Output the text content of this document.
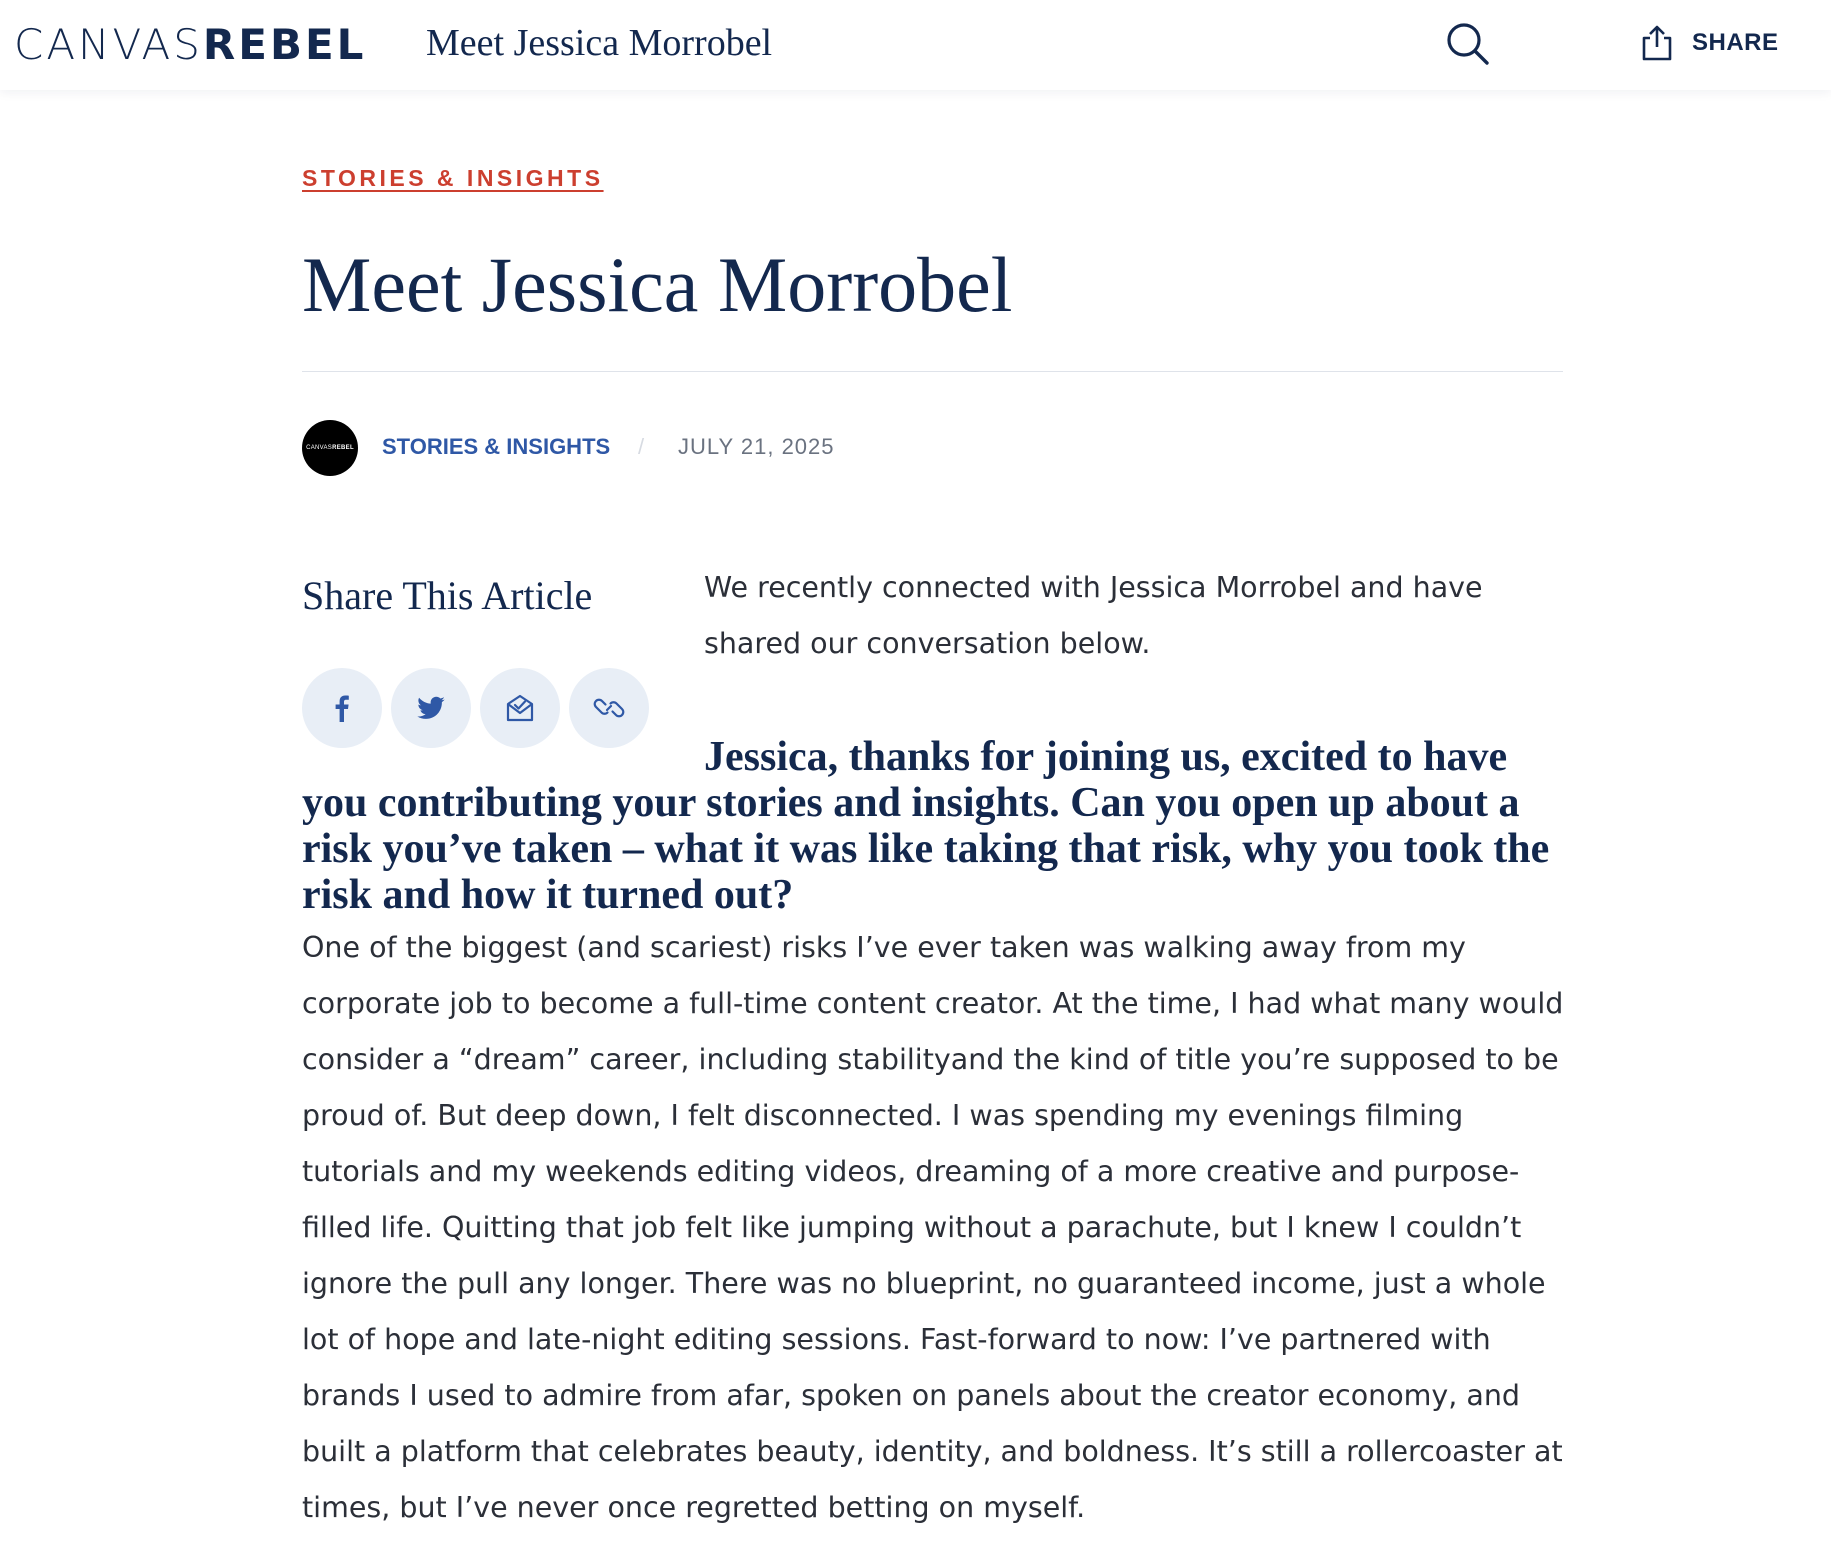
CANVAS REBEL Meet Jessica Morrobel	SHARE
STORIES & INSIGHTS
Meet Jessica Morrobel
CANVAS REBEL STORIES & INSIGHTS / JULY 21, 2025
Share This Article	We recently connected with Jessica Morrobel and have shared our conversation below.

Jessica, thanks for joining us, excited to have you contributing your stories and insights. Can you open up about a risk you’ve taken – what it was like taking that risk, why you took the risk and how it turned out?

One of the biggest (and scariest) risks I’ve ever taken was walking away from my corporate job to become a full-time content creator. At the time, I had what many would consider a “dream” career, including stabilityand the kind of title you’re supposed to be proud of. But deep down, I felt disconnected. I was spending my evenings filming tutorials and my weekends editing videos, dreaming of a more creative and purpose-filled life. Quitting that job felt like jumping without a parachute, but I knew I couldn’t ignore the pull any longer. There was no blueprint, no guaranteed income, just a whole lot of hope and late-night editing sessions. Fast-forward to now: I’ve partnered with brands I used to admire from afar, spoken on panels about the creator economy, and built a platform that celebrates beauty, identity, and boldness. It’s still a rollercoaster at times, but I’ve never once regretted betting on myself.
